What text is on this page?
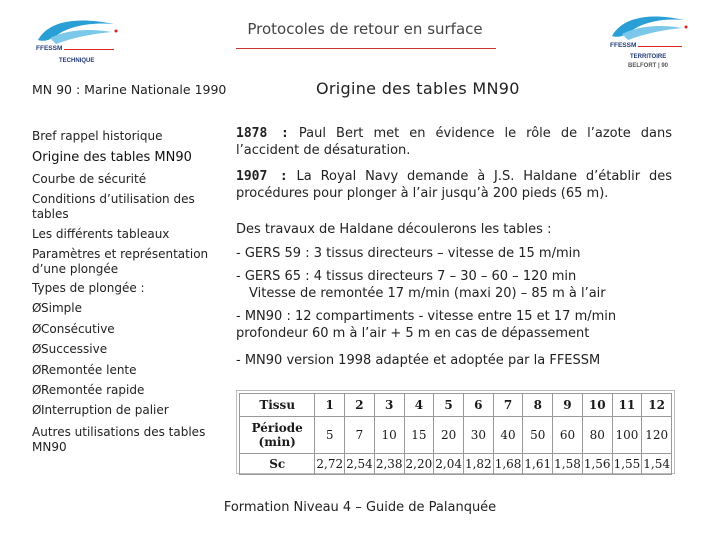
FFESSM
TECHNIQUE
FFESSM
TERRITOIRE
BELFORT | 90
Protocoles de retour en surface
MN 90 : Marine Nationale 1990	Origine des tables MN90
Bref rappel historique
Origine des tables MN90
Courbe de sécurité
Conditions d’utilisation des tables
Les différents tableaux
Paramètres et représentation d’une plongée
Types de plongée :
ØSimple
ØConsécutive
ØSuccessive
ØRemontée lente
ØRemontée rapide
ØInterruption de palier
Autres utilisations des tables MN90
1878 : Paul Bert met en évidence le rôle de l’azote dans l’accident de désaturation.
1907 : La Royal Navy demande à J.S. Haldane d’établir des procédures pour plonger à l’air jusqu’à 200 pieds (65 m).
Des travaux de Haldane découlerons les tables :
- GERS 59 : 3 tissus directeurs – vitesse de 15 m/min
- GERS 65 : 4 tissus directeurs 7 – 30 – 60 – 120 min
Vitesse de remontée 17 m/min (maxi 20) – 85 m à l’air
- MN90 : 12 compartiments - vitesse entre 15 et 17 m/min profondeur 60 m à l’air + 5 m en cas de dépassement
- MN90 version 1998 adaptée et adoptée par la FFESSM
Tissu	1	2	3	4	5	6	7	8	9	10	11	12
Période (min)	5	7	10	15	20	30	40	50	60	80	100	120
Sc	2,72	2,54	2,38	2,20	2,04	1,82	1,68	1,61	1,58	1,56	1,55	1,54
Formation Niveau 4 – Guide de Palanquée
